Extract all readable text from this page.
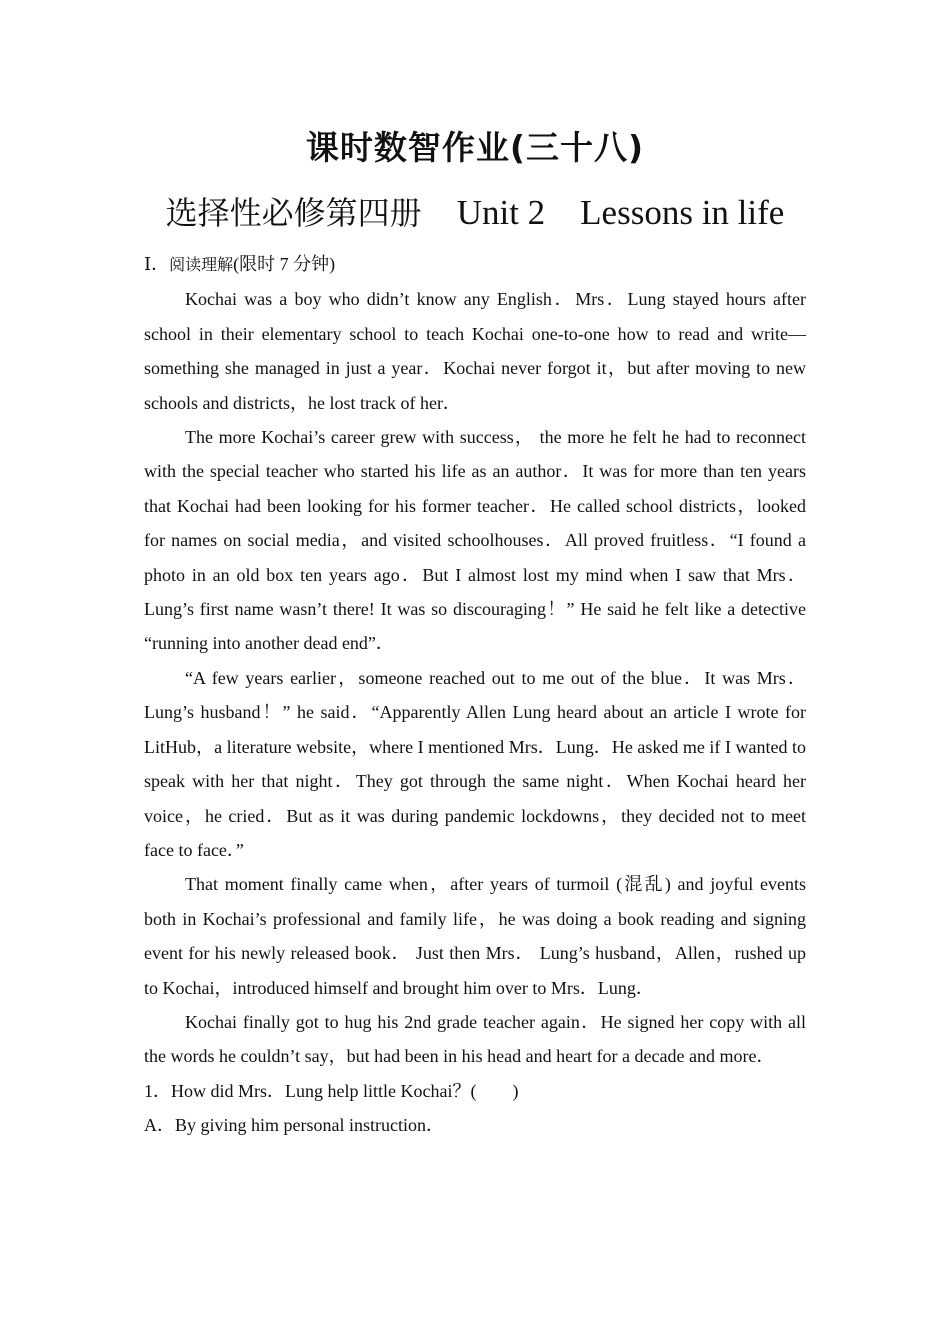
课时数智作业(三十八)
选择性必修第四册 Unit 2    Lessons in life

Ⅰ．阅读理解(限时 7 分钟)

Kochai was a boy who didn’t know any English．Mrs．Lung stayed hours after school in their elementary school to teach Kochai one-to-one how to read and write—something she managed in just a year．Kochai never forgot it，but after moving to new schools and districts，he lost track of her．

The more Kochai’s career grew with success， the more he felt he had to reconnect with the special teacher who started his life as an author．It was for more than ten years that Kochai had been looking for his former teacher．He called school districts，looked for names on social media，and visited schoolhouses．All proved fruitless．“I found a photo in an old box ten years ago．But I almost lost my mind when I saw that Mrs．Lung’s first name wasn’t there! It was so discouraging！” He said he felt like a detective “running into another dead end”．

“A few years earlier，someone reached out to me out of the blue．It was Mrs．Lung’s husband！” he said．“Apparently Allen Lung heard about an article I wrote for LitHub，a literature website，where I mentioned Mrs．Lung．He asked me if I wanted to speak with her that night．They got through the same night．When Kochai heard her voice，he cried．But as it was during pandemic lockdowns，they decided not to meet face to face．”

That moment finally came when，after years of turmoil (混乱) and joyful events both in Kochai’s professional and family life，he was doing a book reading and signing event for his newly released book． Just then Mrs． Lung’s husband，Allen，rushed up to Kochai，introduced himself and brought him over to Mrs．Lung．

Kochai finally got to hug his 2nd grade teacher again．He signed her copy with all the words he couldn’t say，but had been in his head and heart for a decade and more．

1．How did Mrs．Lung help little Kochai？(　　)

A．By giving him personal instruction．
